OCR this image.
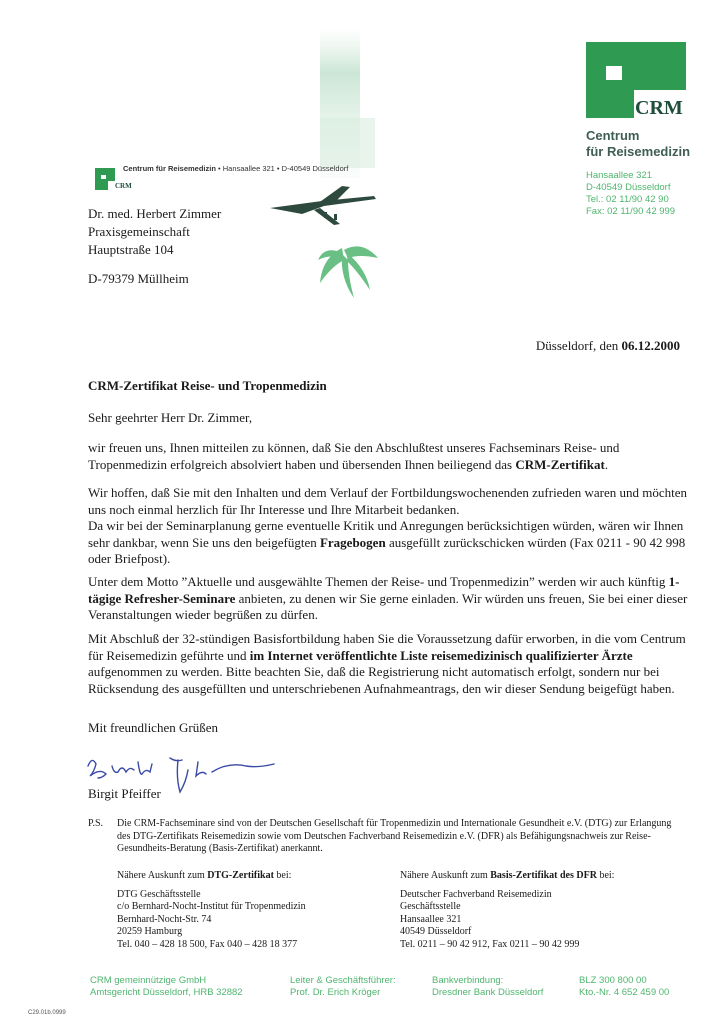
CRM
Centrum
für Reisemedizin
Hansaallee 321
D-40549 Düsseldorf
Tel.: 02 11/90 42 90
Fax: 02 11/90 42 999
CRM
Centrum für Reisemedizin • Hansaallee 321 • D-40549 Düsseldorf
Dr. med. Herbert Zimmer
Praxisgemeinschaft
Hauptstraße 104
D-79379 Müllheim
Düsseldorf, den 06.12.2000
CRM-Zertifikat Reise- und Tropenmedizin
Sehr geehrter Herr Dr. Zimmer,
wir freuen uns, Ihnen mitteilen zu können, daß Sie den Abschlußtest unseres Fachseminars Reise- und Tropenmedizin erfolgreich absolviert haben und übersenden Ihnen beiliegend das CRM-Zertifikat.
Wir hoffen, daß Sie mit den Inhalten und dem Verlauf der Fortbildungswochenenden zufrieden waren und möchten uns noch einmal herzlich für Ihr Interesse und Ihre Mitarbeit bedanken.
Da wir bei der Seminarplanung gerne eventuelle Kritik und Anregungen berücksichtigen würden, wären wir Ihnen sehr dankbar, wenn Sie uns den beigefügten Fragebogen ausgefüllt zurückschicken würden (Fax 0211 - 90 42 998 oder Briefpost).
Unter dem Motto ”Aktuelle und ausgewählte Themen der Reise- und Tropenmedizin” werden wir auch künftig 1-tägige Refresher-Seminare anbieten, zu denen wir Sie gerne einladen. Wir würden uns freuen, Sie bei einer dieser Veranstaltungen wieder begrüßen zu dürfen.
Mit Abschluß der 32-stündigen Basisfortbildung haben Sie die Voraussetzung dafür erworben, in die vom Centrum für Reisemedizin geführte und im Internet veröffentlichte Liste reisemedizinisch qualifizierter Ärzte aufgenommen zu werden. Bitte beachten Sie, daß die Registrierung nicht automatisch erfolgt, sondern nur bei Rücksendung des ausgefüllten und unterschriebenen Aufnahmeantrags, den wir dieser Sendung beigefügt haben.
Mit freundlichen Grüßen
Birgit Pfeiffer
P.S. Die CRM-Fachseminare sind von der Deutschen Gesellschaft für Tropenmedizin und Internationale Gesundheit e.V. (DTG) zur Erlangung des DTG-Zertifikats Reisemedizin sowie vom Deutschen Fachverband Reisemedizin e.V. (DFR) als Befähigungsnachweis zur Reise-Gesundheits-Beratung (Basis-Zertifikat) anerkannt.
Nähere Auskunft zum DTG-Zertifikat bei:
DTG Geschäftsstelle
c/o Bernhard-Nocht-Institut für Tropenmedizin
Bernhard-Nocht-Str. 74
20259 Hamburg
Tel. 040 – 428 18 500, Fax 040 – 428 18 377
Nähere Auskunft zum Basis-Zertifikat des DFR bei:
Deutscher Fachverband Reisemedizin
Geschäftsstelle
Hansaallee 321
40549 Düsseldorf
Tel. 0211 – 90 42 912, Fax 0211 – 90 42 999
CRM gemeinnützige GmbH
Amtsgericht Düsseldorf, HRB 32882
Leiter & Geschäftsführer:
Prof. Dr. Erich Kröger
Bankverbindung:
Dresdner Bank Düsseldorf
BLZ 300 800 00
Kto.-Nr. 4 652 459 00
C29.01b.0999
